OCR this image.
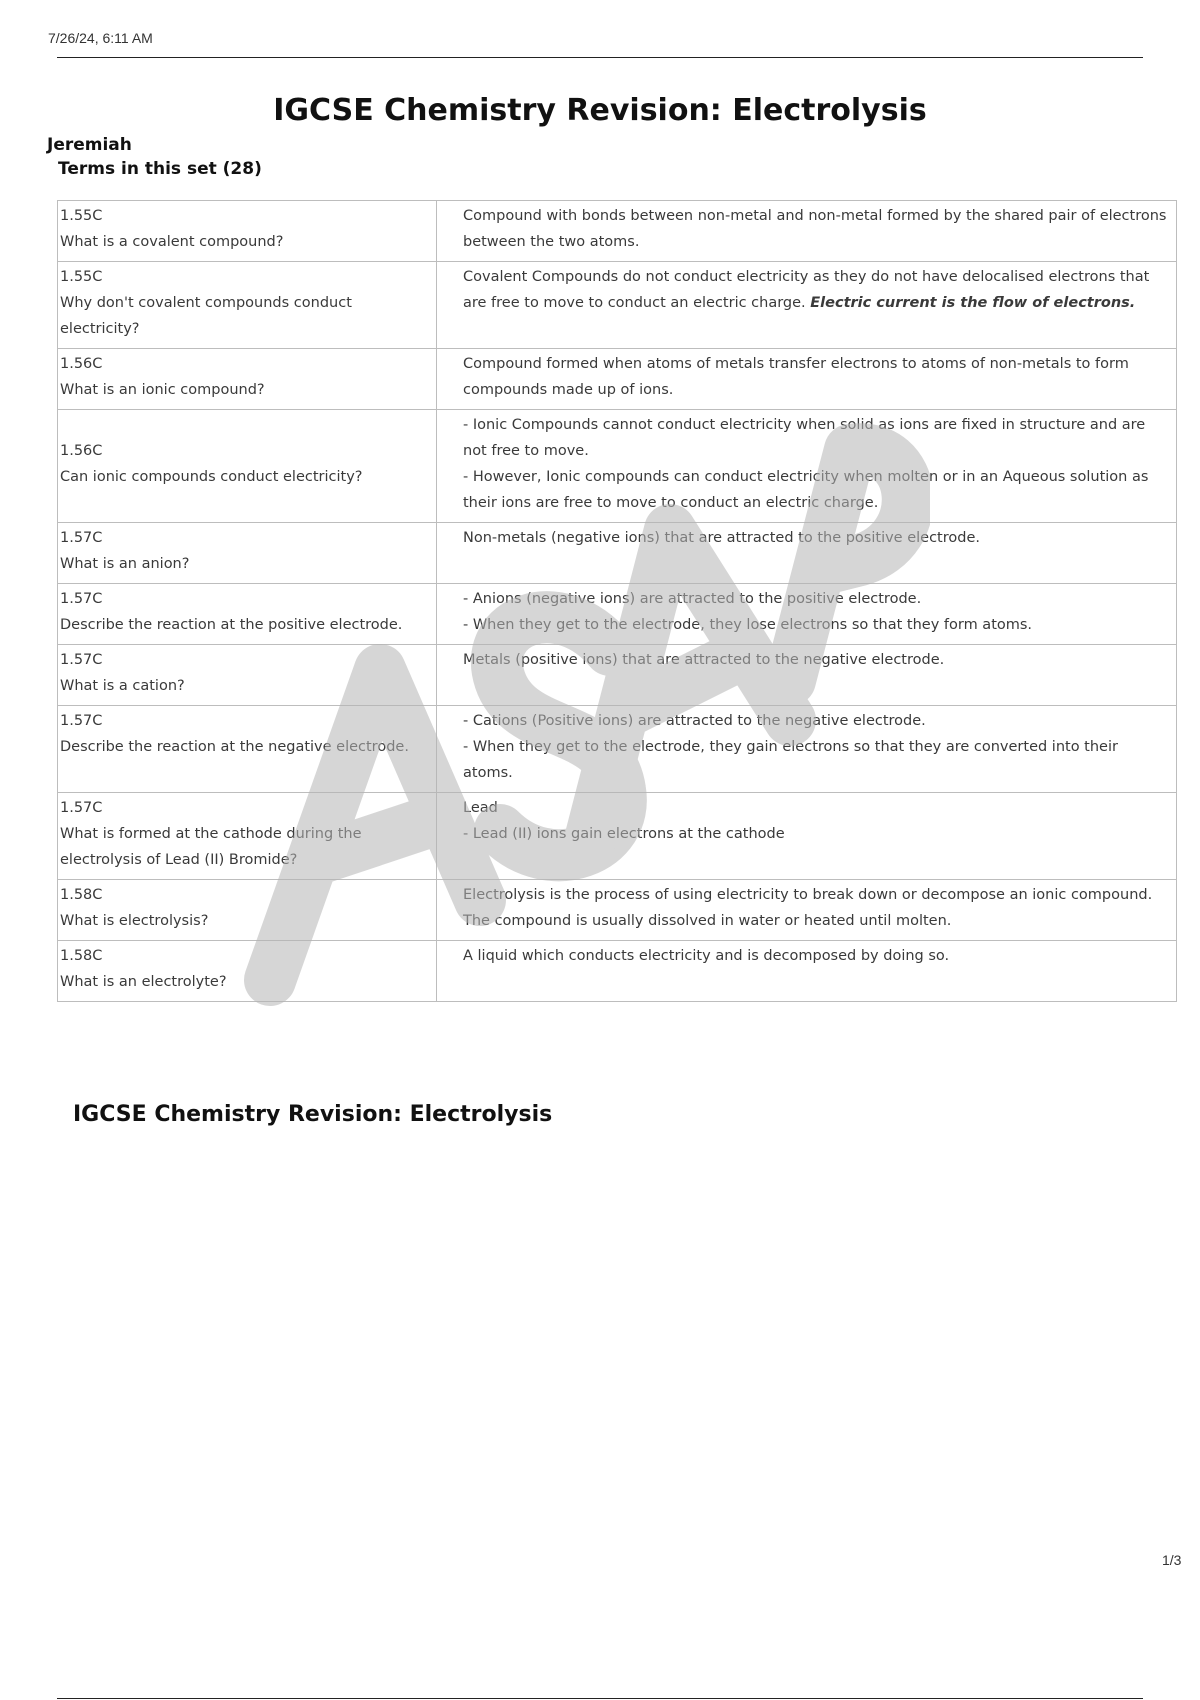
7/26/24, 6:11 AM
IGCSE Chemistry Revision: Electrolysis
Jeremiah
Terms in this set (28)
1.55C
What is a covalent compound?	Compound with bonds between non-metal and non-metal formed by the shared pair of electrons between the two atoms.

1.55C
Why don't covalent compounds conduct electricity?	Covalent Compounds do not conduct electricity as they do not have delocalised electrons that are free to move to conduct an electric charge. Electric current is the flow of electrons.

1.56C
What is an ionic compound?	Compound formed when atoms of metals transfer electrons to atoms of non-metals to form compounds made up of ions.

1.56C
Can ionic compounds conduct electricity?	- Ionic Compounds cannot conduct electricity when solid as ions are fixed in structure and are not free to move.
- However, Ionic compounds can conduct electricity when molten or in an Aqueous solution as their ions are free to move to conduct an electric charge.

1.57C
What is an anion?	Non-metals (negative ions) that are attracted to the positive electrode.

1.57C
Describe the reaction at the positive electrode.	- Anions (negative ions) are attracted to the positive electrode.
- When they get to the electrode, they lose electrons so that they form atoms.

1.57C
What is a cation?	Metals (positive ions) that are attracted to the negative electrode.

1.57C
Describe the reaction at the negative electrode.	- Cations (Positive ions) are attracted to the negative electrode.
- When they get to the electrode, they gain electrons so that they are converted into their atoms.

1.57C
What is formed at the cathode during the electrolysis of Lead (II) Bromide?	Lead
- Lead (II) ions gain electrons at the cathode

1.58C
What is electrolysis?	Electrolysis is the process of using electricity to break down or decompose an ionic compound. The compound is usually dissolved in water or heated until molten.

1.58C
What is an electrolyte?	A liquid which conducts electricity and is decomposed by doing so.
IGCSE Chemistry Revision: Electrolysis
1/3
